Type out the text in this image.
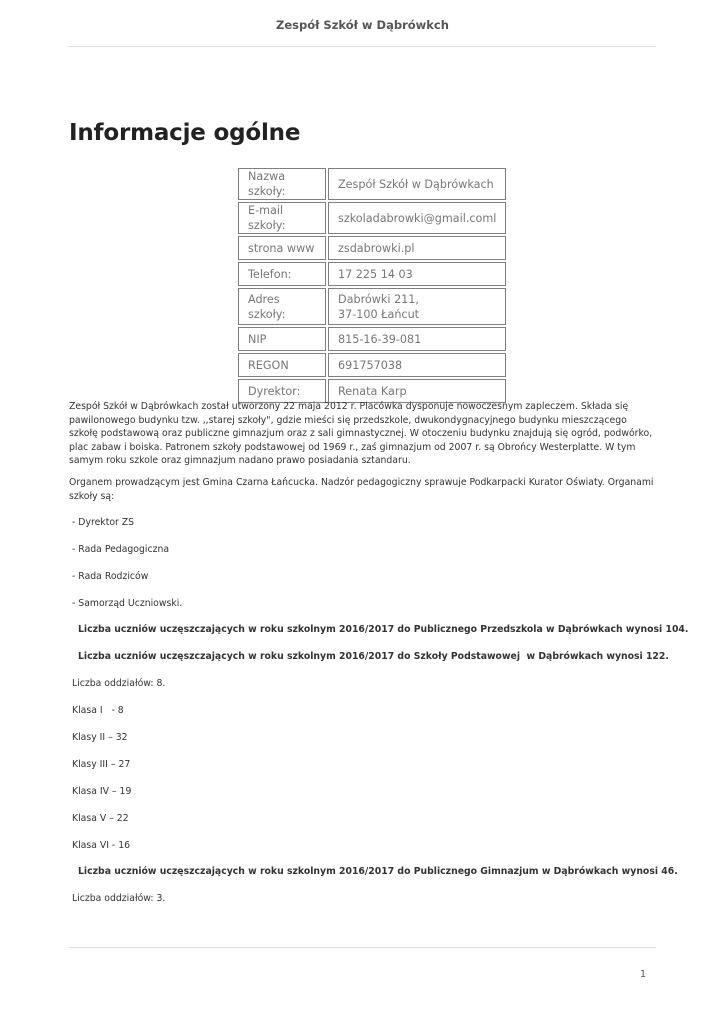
Zespół Szkół w Dąbrówkch
Informacje ogólne
Nazwa szkoły:	Zespół Szkół w Dąbrówkach
E-mail szkoły:	szkoladabrowki@gmail.coml
strona www	zsdabrowki.pl
Telefon:	17 225 14 03
Adres szkoły:	Dabrówki 211,
37-100 Łańcut

NIP	815-16-39-081
REGON	691757038
Dyrektor:	Renata Karp

Zespół Szkół w Dąbrówkach został utworzony 22 maja 2012 r. Placówka dysponuje nowoczesnym zapleczem. Składa się pawilonowego budynku tzw. ,,starej szkoły", gdzie mieści się przedszkole, dwukondygnacyjnego budynku mieszczącego szkołę podstawową oraz publiczne gimnazjum oraz z sali gimnastycznej. W otoczeniu budynku znajdują się ogród, podwórko, plac zabaw i boiska. Patronem szkoły podstawowej od 1969 r., zaś gimnazjum od 2007 r. są Obrońcy Westerplatte. W tym samym roku szkole oraz gimnazjum nadano prawo posiadania sztandaru.

Organem prowadzącym jest Gmina Czarna Łańcucka. Nadzór pedagogiczny sprawuje Podkarpacki Kurator Oświaty. Organami szkoły są:

- Dyrektor ZS
- Rada Pedagogiczna
- Rada Rodziców
- Samorząd Uczniowski.
Liczba uczniów uczęszczających w roku szkolnym 2016/2017 do Publicznego Przedszkola w Dąbrówkach wynosi 104.
Liczba uczniów uczęszczających w roku szkolnym 2016/2017 do Szkoły Podstawowej  w Dąbrówkach wynosi 122.
Liczba oddziałów: 8.
Klasa I   - 8
Klasy II – 32
Klasy III – 27
Klasa IV – 19
Klasa V – 22
Klasa VI - 16
Liczba uczniów uczęszczających w roku szkolnym 2016/2017 do Publicznego Gimnazjum w Dąbrówkach wynosi 46.
Liczba oddziałów: 3.
1
